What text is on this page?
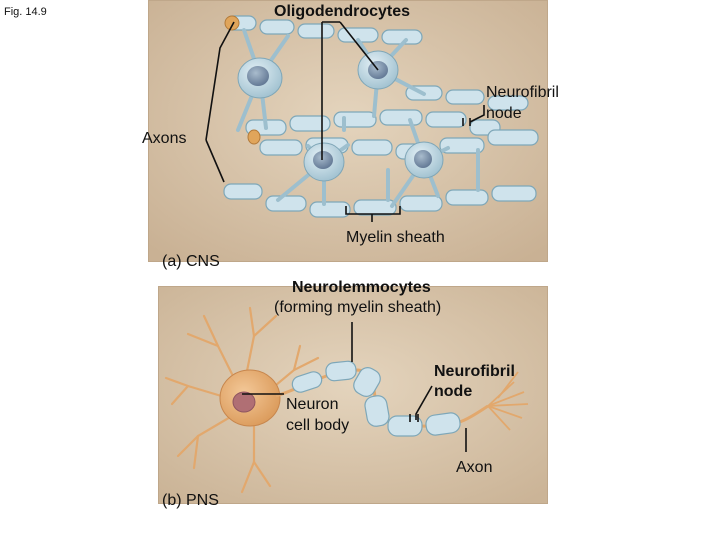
Fig. 14.9	Oligodendrocytes
Neurofibril
node
Axons
Myelin sheath
(a) CNS
Neurolemmocytes
(forming myelin sheath)
Neurofibril
node
Neuron
cell body
Axon
(b) PNS
